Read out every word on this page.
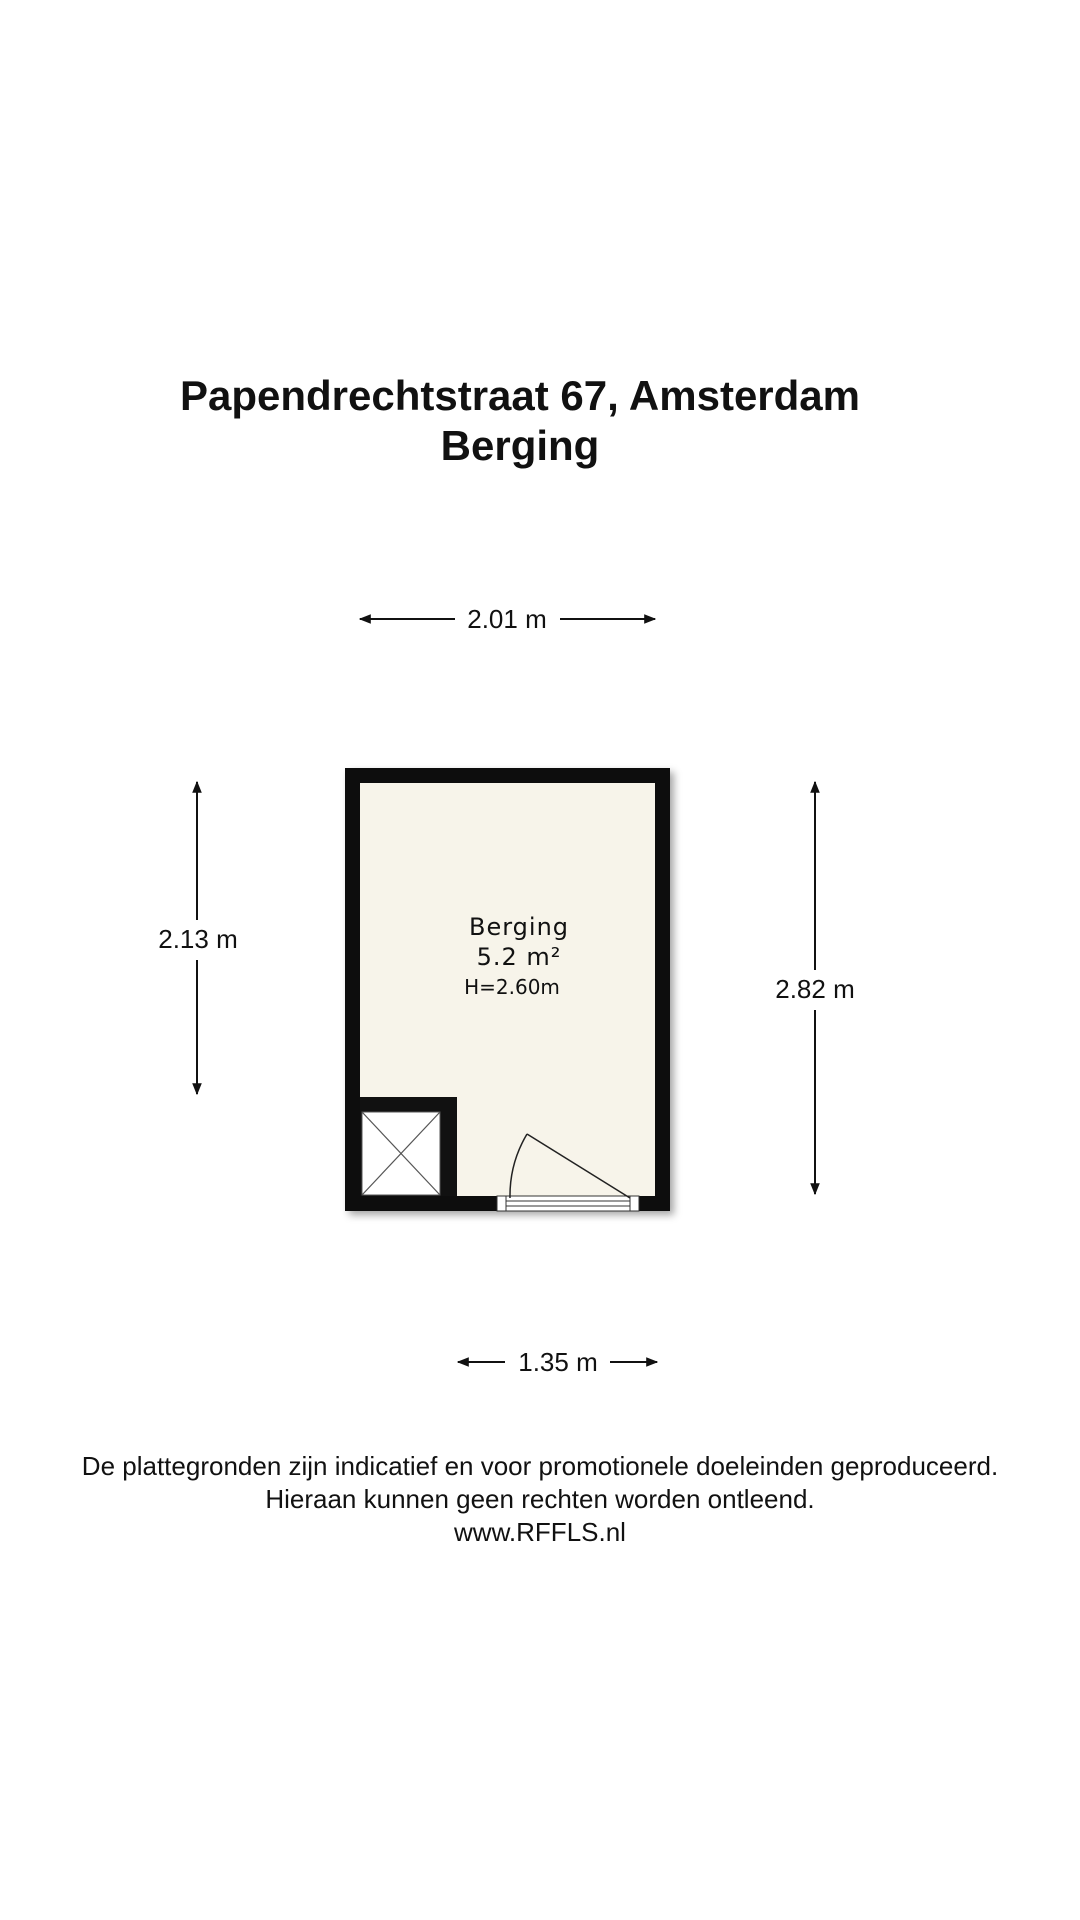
Papendrechtstraat 67, Amsterdam
Berging
2.01 m
2.13 m
2.82 m
Berging
5.2 m²
H=2.60m
1.35 m
De plattegronden zijn indicatief en voor promotionele doeleinden geproduceerd.
Hieraan kunnen geen rechten worden ontleend.
www.RFFLS.nl
